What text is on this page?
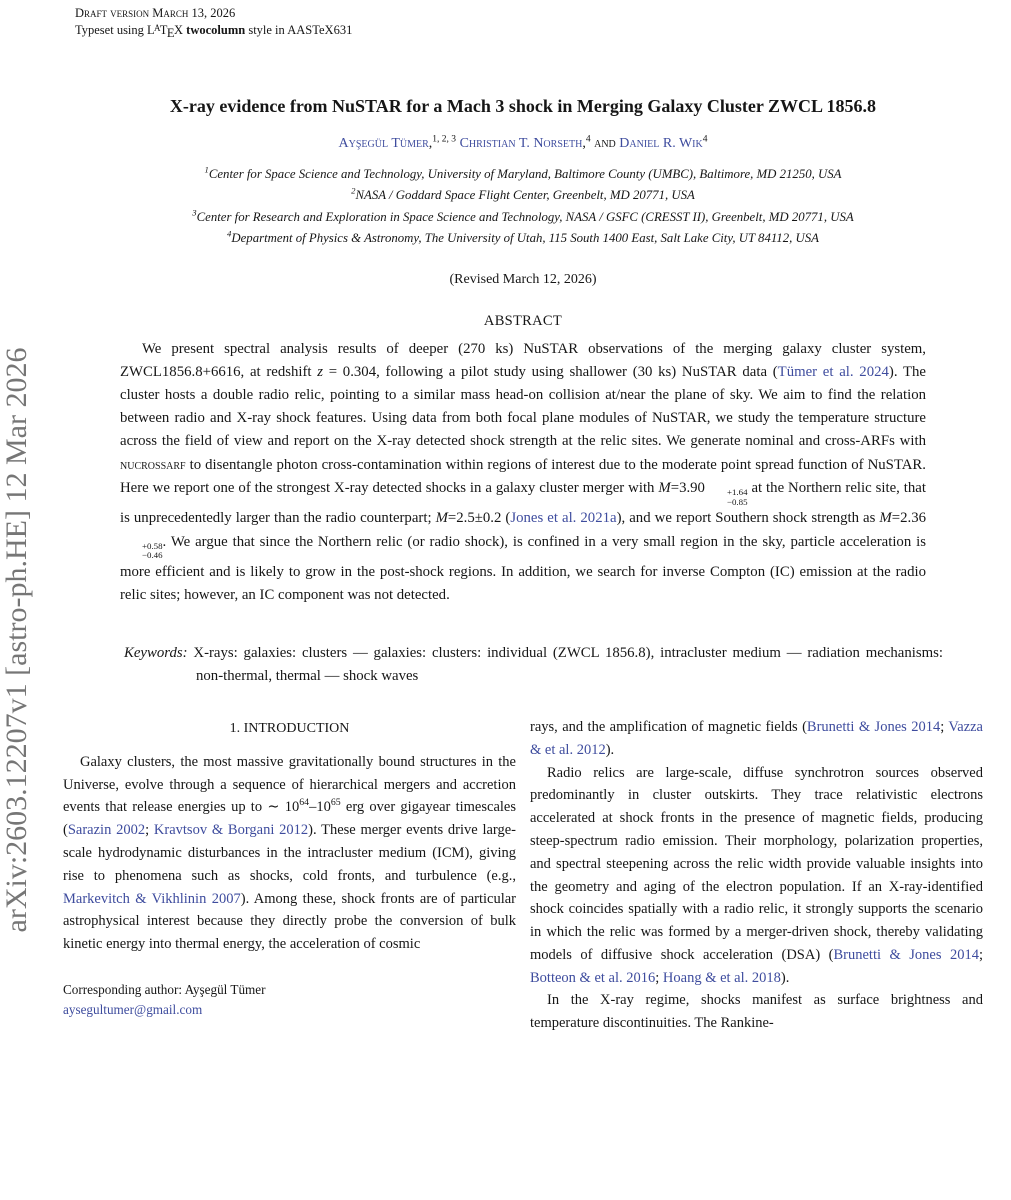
arXiv:2603.12207v1 [astro-ph.HE] 12 Mar 2026
Draft version March 13, 2026
Typeset using $L^ATEX$ twocolumn style in AASTeX631
X-ray evidence from NuSTAR for a Mach 3 shock in Merging Galaxy Cluster ZWCL 1856.8
Ayşegül Tümer,$^{1, 2, 3}$ Christian T. Norseth,$^4$ and Daniel R. Wik$^4$
$^1$Center for Space Science and Technology, University of Maryland, Baltimore County (UMBC), Baltimore, MD 21250, USA
$^2$NASA / Goddard Space Flight Center, Greenbelt, MD 20771, USA
$^3$Center for Research and Exploration in Space Science and Technology, NASA / GSFC (CRESST II), Greenbelt, MD 20771, USA
$^4$Department of Physics & Astronomy, The University of Utah, 115 South 1400 East, Salt Lake City, UT 84112, USA
(Revised March 12, 2026)
ABSTRACT
We present spectral analysis results of deeper (270 ks) NuSTAR observations of the merging galaxy cluster system, ZWCL1856.8+6616, at redshift z = 0.304, following a pilot study using shallower (30 ks) NuSTAR data (Tümer et al. 2024). The cluster hosts a double radio relic, pointing to a similar mass head-on collision at/near the plane of sky. We aim to find the relation between radio and X-ray shock features. Using data from both focal plane modules of NuSTAR, we study the temperature structure across the field of view and report on the X-ray detected shock strength at the relic sites. We generate nominal and cross-ARFs with nucrossarf to disentangle photon cross-contamination within regions of interest due to the moderate point spread function of NuSTAR. Here we report one of the strongest X-ray detected shocks in a galaxy cluster merger with M=3.90	+1.64
−0.85
at the Northern relic site, that is unprecedentedly larger than the radio counterpart; M=2.5±0.2 (Jones et al. 2021a), and we report Southern shock strength as M=2.36
+0.58
−0.46
. We argue that since the Northern relic (or radio shock), is confined in a very small region in the sky, particle acceleration is more efficient and is likely to grow in the post-shock regions. In addition, we search for inverse Compton (IC) emission at the radio relic sites; however, an IC component was not detected.
Keywords: X-rays: galaxies: clusters — galaxies: clusters: individual (ZWCL 1856.8), intracluster medium — radiation mechanisms: non-thermal, thermal — shock waves
1. INTRODUCTION

Galaxy clusters, the most massive gravitationally bound structures in the Universe, evolve through a sequence of hierarchical mergers and accretion events that release energies up to ∼ $10^{64}-10^{65}$ erg over gigayear timescales (Sarazin 2002; Kravtsov & Borgani 2012). These merger events drive large-scale hydrodynamic disturbances in the intracluster medium (ICM), giving rise to phenomena such as shocks, cold fronts, and turbulence (e.g., Markevitch & Vikhlinin 2007). Among these, shock fronts are of particular astrophysical interest because they directly probe the conversion of bulk kinetic energy into thermal energy, the acceleration of cosmic

Corresponding author: Ayşegül Tümer
aysegultumer@gmail.com

rays, and the amplification of magnetic fields (Brunetti & Jones 2014; Vazza & et al. 2012).

Radio relics are large-scale, diffuse synchrotron sources observed predominantly in cluster outskirts. They trace relativistic electrons accelerated at shock fronts in the presence of magnetic fields, producing steep-spectrum radio emission. Their morphology, polarization properties, and spectral steepening across the relic width provide valuable insights into the geometry and aging of the electron population. If an X-ray-identified shock coincides spatially with a radio relic, it strongly supports the scenario in which the relic was formed by a merger-driven shock, thereby validating models of diffusive shock acceleration (DSA) (Brunetti & Jones 2014; Botteon & et al. 2016; Hoang & et al. 2018).

In the X-ray regime, shocks manifest as surface brightness and temperature discontinuities. The Rankine-
